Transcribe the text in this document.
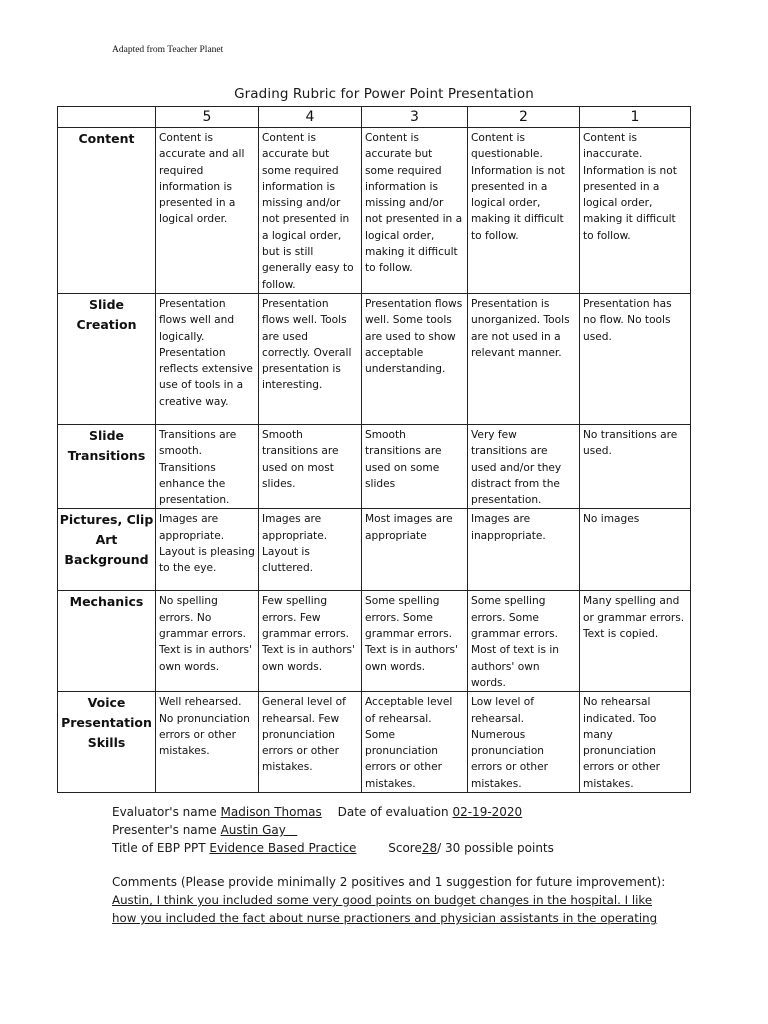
Adapted from Teacher Planet
Grading Rubric for Power Point Presentation
	5	4	3	2	1
Content	Content is accurate and all required information is presented in a logical order.	Content is accurate but some required information is missing and/or not presented in a logical order, but is still generally easy to follow.	Content is accurate but some required information is missing and/or not presented in a logical order, making it difficult to follow.	Content is questionable. Information is not presented in a logical order, making it difficult to follow.	Content is inaccurate. Information is not presented in a logical order, making it difficult to follow.
Slide Creation	Presentation flows well and logically. Presentation reflects extensive use of tools in a creative way.	Presentation flows well. Tools are used correctly. Overall presentation is interesting.	Presentation flows well. Some tools are used to show acceptable understanding.	Presentation is unorganized. Tools are not used in a relevant manner.	Presentation has no flow. No tools used.
Slide Transitions	Transitions are smooth. Transitions enhance the presentation.	Smooth transitions are used on most slides.	Smooth transitions are used on some slides	Very few transitions are used and/or they distract from the presentation.	No transitions are used.
Pictures, Clip Art Background	Images are appropriate. Layout is pleasing to the eye.	Images are appropriate. Layout is cluttered.	Most images are appropriate	Images are inappropriate.	No images
Mechanics	No spelling errors. No grammar errors. Text is in authors' own words.	Few spelling errors. Few grammar errors. Text is in authors' own words.	Some spelling errors. Some grammar errors. Text is in authors' own words.	Some spelling errors. Some grammar errors. Most of text is in authors' own words.	Many spelling and or grammar errors. Text is copied.
Voice Presentation Skills	Well rehearsed. No pronunciation errors or other mistakes.	General level of rehearsal. Few pronunciation errors or other mistakes.	Acceptable level of rehearsal. Some pronunciation errors or other mistakes.	Low level of rehearsal. Numerous pronunciation errors or other mistakes.	No rehearsal indicated. Too many pronunciation errors or other mistakes.
Evaluator's name Madison Thomas Date of evaluation 02-19-2020
Presenter's name Austin Gay
Title of EBP PPT Evidence Based Practice	Score28/ 30 possible points
Comments (Please provide minimally 2 positives and 1 suggestion for future improvement):
Austin, I think you included some very good points on budget changes in the hospital. I like
how you included the fact about nurse practioners and physician assistants in the operating
